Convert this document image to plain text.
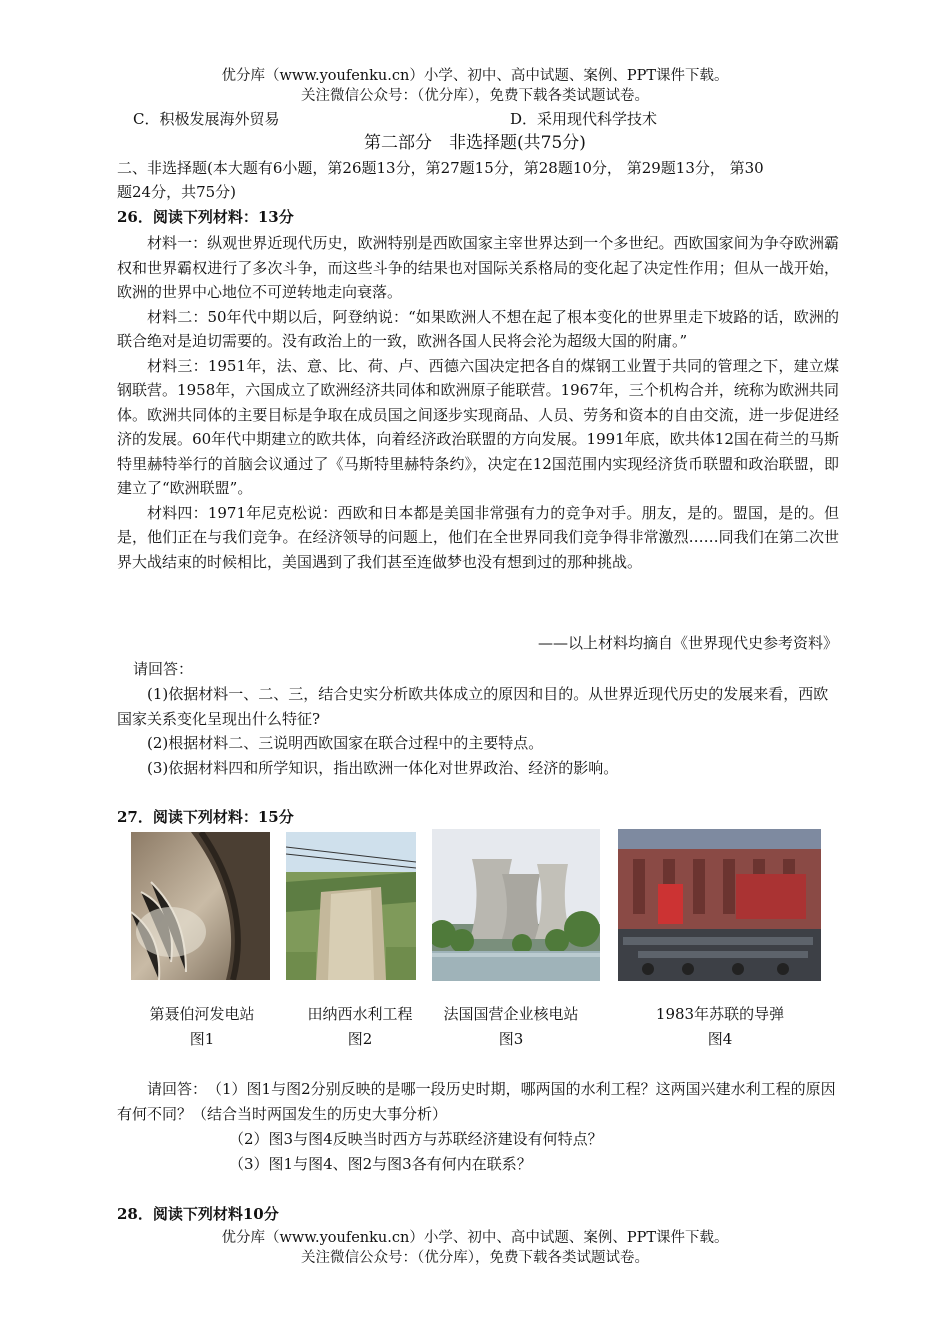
优分库（www.youfenku.cn）小学、初中、高中试题、案例、PPT课件下载。
关注微信公众号：（优分库），免费下载各类试题试卷。
C．积极发展海外贸易	D．采用现代科学技术
第二部分　非选择题(共75分)
二、非选择题(本大题有6小题，第26题13分，第27题15分，第28题10分， 第29题13分， 第30
题24分，共75分)
26．阅读下列材料：13分

材料一：纵观世界近现代历史，欧洲特别是西欧国家主宰世界达到一个多世纪。西欧国家间为争夺欧洲霸权和世界霸权进行了多次斗争，而这些斗争的结果也对国际关系格局的变化起了决定性作用；但从一战开始，欧洲的世界中心地位不可逆转地走向衰落。

材料二：50年代中期以后，阿登纳说：“如果欧洲人不想在起了根本变化的世界里走下坡路的话，欧洲的联合绝对是迫切需要的。没有政治上的一致，欧洲各国人民将会沦为超级大国的附庸。”

材料三：1951年，法、意、比、荷、卢、西德六国决定把各自的煤钢工业置于共同的管理之下，建立煤钢联营。1958年，六国成立了欧洲经济共同体和欧洲原子能联营。1967年，三个机构合并，统称为欧洲共同体。欧洲共同体的主要目标是争取在成员国之间逐步实现商品、人员、劳务和资本的自由交流，进一步促进经济的发展。60年代中期建立的欧共体，向着经济政治联盟的方向发展。1991年底，欧共体12国在荷兰的马斯特里赫特举行的首脑会议通过了《马斯特里赫特条约》，决定在12国范围内实现经济货币联盟和政治联盟，即建立了“欧洲联盟”。

材料四：1971年尼克松说：西欧和日本都是美国非常强有力的竞争对手。朋友，是的。盟国，是的。但是，他们正在与我们竞争。在经济领导的问题上，他们在全世界同我们竞争得非常激烈……同我们在第二次世界大战结束的时候相比，美国遇到了我们甚至连做梦也没有想到过的那种挑战。

——以上材料均摘自《世界现代史参考资料》
请回答：

(1)依据材料一、二、三，结合史实分析欧共体成立的原因和目的。从世界近现代历史的发展来看，西欧国家关系变化呈现出什么特征?

(2)根据材料二、三说明西欧国家在联合过程中的主要特点。

(3)依据材料四和所学知识，指出欧洲一体化对世界政治、经济的影响。

27．阅读下列材料：15分
第聂伯河发电站
图1
田纳西水利工程
图2
法国国营企业核电站
图3
1983年苏联的导弹
图4

请回答：　（1）图1与图2分别反映的是哪一段历史时期，哪两国的水利工程？这两国兴建水利工程的原因有何不同？（结合当时两国发生的历史大事分析）

（2）图3与图4反映当时西方与苏联经济建设有何特点？
（3）图1与图4、图2与图3各有何内在联系？
28．阅读下列材料10分
优分库（www.youfenku.cn）小学、初中、高中试题、案例、PPT课件下载。
关注微信公众号：（优分库），免费下载各类试题试卷。
